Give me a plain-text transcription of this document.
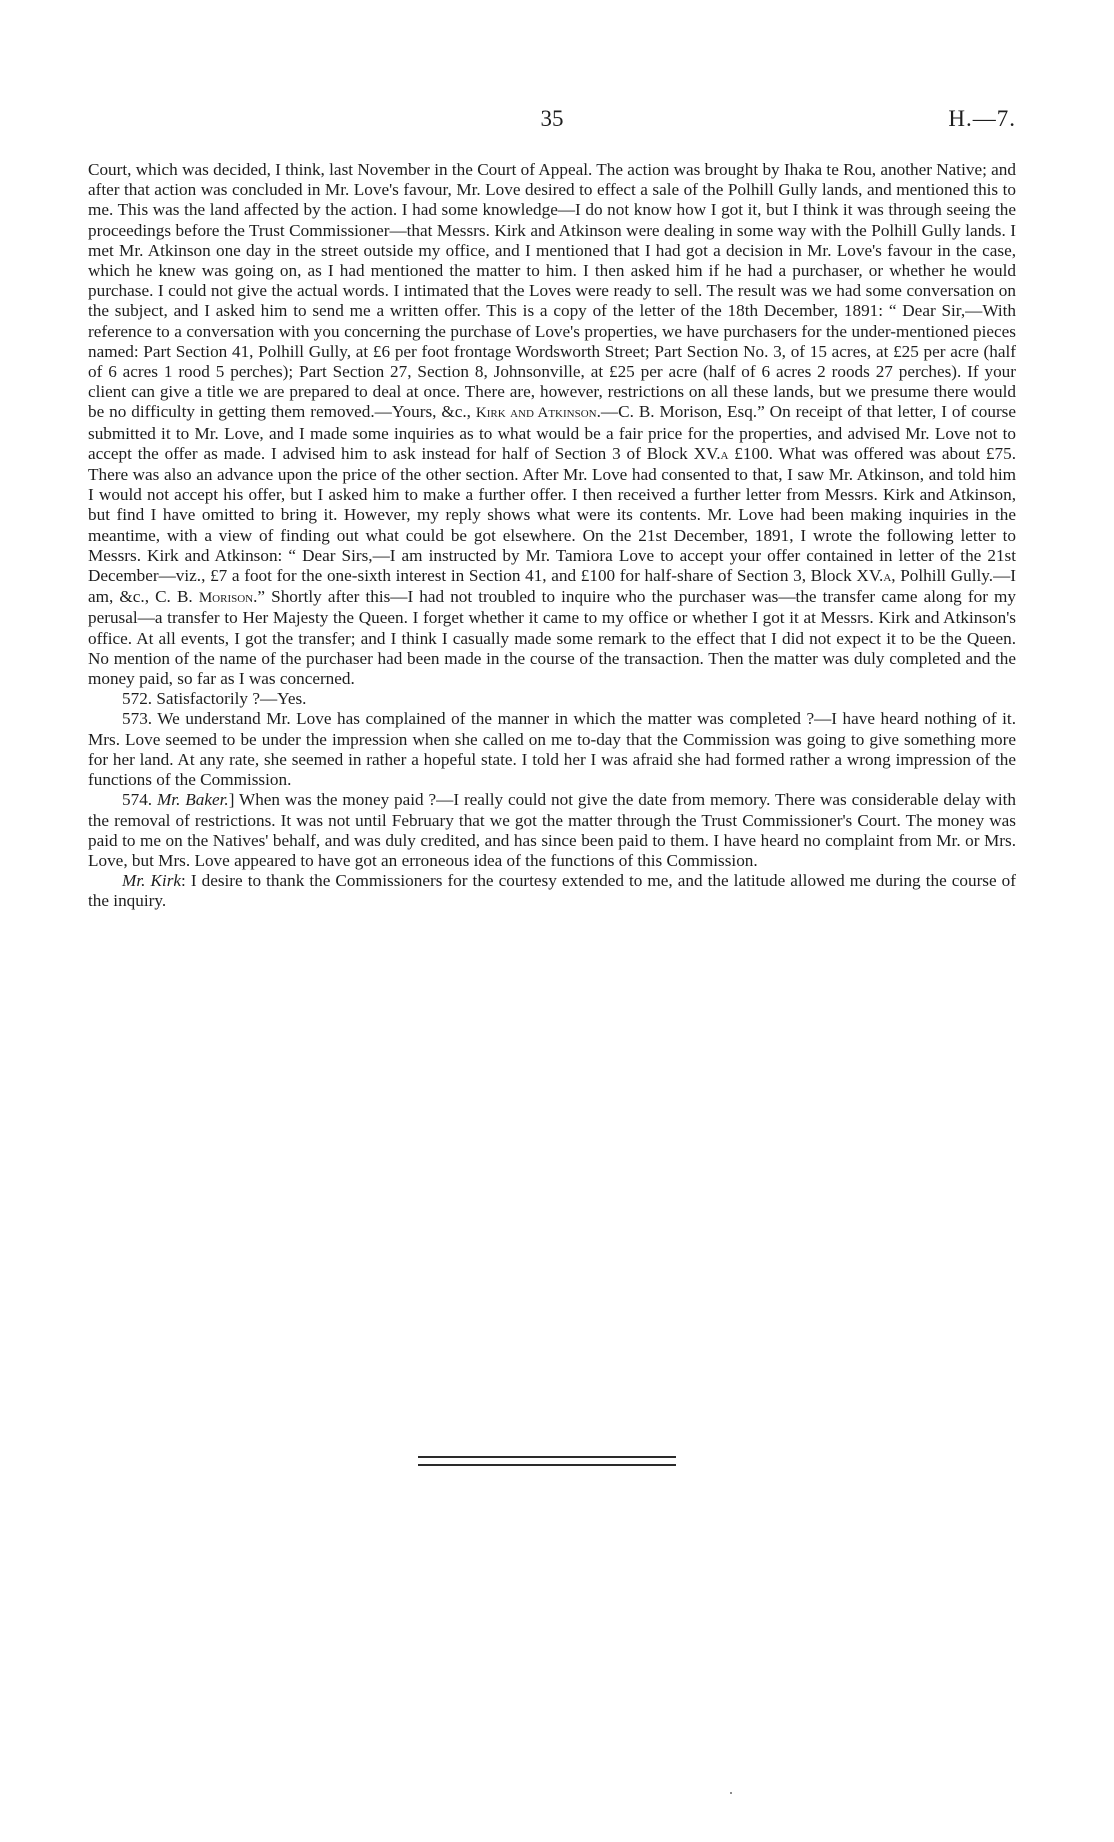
35	H.—7.

Court, which was decided, I think, last November in the Court of Appeal. The action was brought by Ihaka te Rou, another Native; and after that action was concluded in Mr. Love's favour, Mr. Love desired to effect a sale of the Polhill Gully lands, and mentioned this to me. This was the land affected by the action. I had some knowledge—I do not know how I got it, but I think it was through seeing the proceedings before the Trust Commissioner—that Messrs. Kirk and Atkinson were dealing in some way with the Polhill Gully lands. I met Mr. Atkinson one day in the street outside my office, and I mentioned that I had got a decision in Mr. Love's favour in the case, which he knew was going on, as I had mentioned the matter to him. I then asked him if he had a purchaser, or whether he would purchase. I could not give the actual words. I intimated that the Loves were ready to sell. The result was we had some conversation on the subject, and I asked him to send me a written offer. This is a copy of the letter of the 18th December, 1891: “ Dear Sir,—With reference to a conversation with you concerning the purchase of Love's properties, we have purchasers for the under-mentioned pieces named: Part Section 41, Polhill Gully, at £6 per foot frontage Wordsworth Street; Part Section No. 3, of 15 acres, at £25 per acre (half of 6 acres 1 rood 5 perches); Part Section 27, Section 8, Johnsonville, at £25 per acre (half of 6 acres 2 roods 27 perches). If your client can give a title we are prepared to deal at once. There are, however, restrictions on all these lands, but we presume there would be no difficulty in getting them removed.—Yours, &c., Kirk and Atkinson.—C. B. Morison, Esq.” On receipt of that letter, I of course submitted it to Mr. Love, and I made some inquiries as to what would be a fair price for the properties, and advised Mr. Love not to accept the offer as made. I advised him to ask instead for half of Section 3 of Block XV.a £100. What was offered was about £75. There was also an advance upon the price of the other section. After Mr. Love had consented to that, I saw Mr. Atkinson, and told him I would not accept his offer, but I asked him to make a further offer. I then received a further letter from Messrs. Kirk and Atkinson, but find I have omitted to bring it. However, my reply shows what were its contents. Mr. Love had been making inquiries in the meantime, with a view of finding out what could be got elsewhere. On the 21st December, 1891, I wrote the following letter to Messrs. Kirk and Atkinson: “ Dear Sirs,—I am instructed by Mr. Tamiora Love to accept your offer contained in letter of the 21st December—viz., £7 a foot for the one-sixth interest in Section 41, and £100 for half-share of Section 3, Block XV.a, Polhill Gully.—I am, &c., C. B. Morison.” Shortly after this—I had not troubled to inquire who the purchaser was—the transfer came along for my perusal—a transfer to Her Majesty the Queen. I forget whether it came to my office or whether I got it at Messrs. Kirk and Atkinson's office. At all events, I got the transfer; and I think I casually made some remark to the effect that I did not expect it to be the Queen. No mention of the name of the purchaser had been made in the course of the transaction. Then the matter was duly completed and the money paid, so far as I was concerned.

572. Satisfactorily ?—Yes.

573. We understand Mr. Love has complained of the manner in which the matter was completed ?—I have heard nothing of it. Mrs. Love seemed to be under the impression when she called on me to-day that the Commission was going to give something more for her land. At any rate, she seemed in rather a hopeful state. I told her I was afraid she had formed rather a wrong impression of the functions of the Commission.

574. Mr. Baker.] When was the money paid ?—I really could not give the date from memory. There was considerable delay with the removal of restrictions. It was not until February that we got the matter through the Trust Commissioner's Court. The money was paid to me on the Natives' behalf, and was duly credited, and has since been paid to them. I have heard no complaint from Mr. or Mrs. Love, but Mrs. Love appeared to have got an erroneous idea of the functions of this Commission.

Mr. Kirk: I desire to thank the Commissioners for the courtesy extended to me, and the latitude allowed me during the course of the inquiry.
